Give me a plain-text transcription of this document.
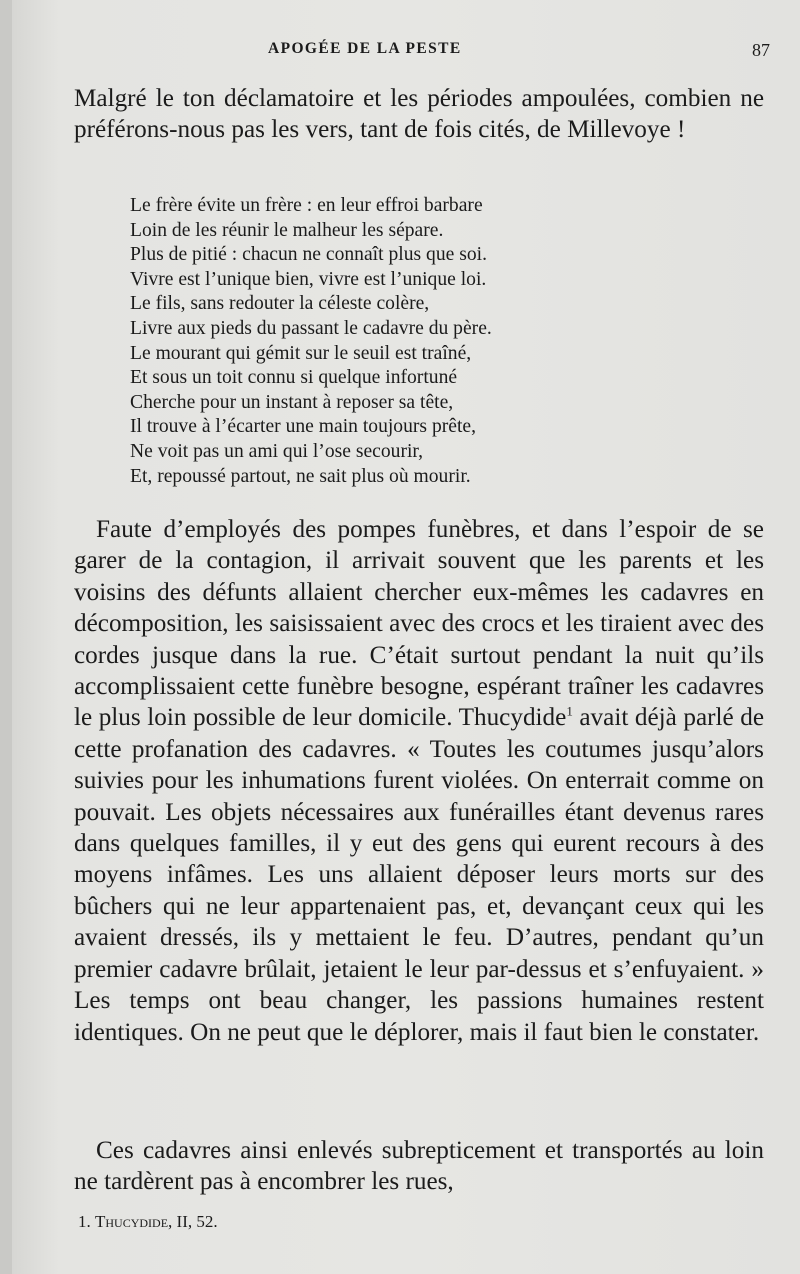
APOGÉE DE LA PESTE	87

Malgré le ton déclamatoire et les périodes ampoulées, combien ne préférons-nous pas les vers, tant de fois cités, de Millevoye !

Le frère évite un frère : en leur effroi barbare
Loin de les réunir le malheur les sépare.
Plus de pitié : chacun ne connaît plus que soi.
Vivre est l’unique bien, vivre est l’unique loi.
Le fils, sans redouter la céleste colère,
Livre aux pieds du passant le cadavre du père.
Le mourant qui gémit sur le seuil est traîné,
Et sous un toit connu si quelque infortuné
Cherche pour un instant à reposer sa tête,
Il trouve à l’écarter une main toujours prête,
Ne voit pas un ami qui l’ose secourir,
Et, repoussé partout, ne sait plus où mourir.

Faute d’employés des pompes funèbres, et dans l’espoir de se garer de la contagion, il arrivait souvent que les parents et les voisins des défunts allaient chercher eux-mêmes les cadavres en décomposition, les saisissaient avec des crocs et les tiraient avec des cordes jusque dans la rue. C’était surtout pendant la nuit qu’ils accomplissaient cette funèbre besogne, espérant traîner les cadavres le plus loin possible de leur domicile. Thucydide$^1$ avait déjà parlé de cette profanation des cadavres. « Toutes les coutumes jusqu’alors suivies pour les inhumations furent violées. On enterrait comme on pouvait. Les objets nécessaires aux funérailles étant devenus rares dans quelques familles, il y eut des gens qui eurent recours à des moyens infâmes. Les uns allaient déposer leurs morts sur des bûchers qui ne leur appartenaient pas, et, devançant ceux qui les avaient dressés, ils y mettaient le feu. D’autres, pendant qu’un premier cadavre brûlait, jetaient le leur par-dessus et s’enfuyaient. » Les temps ont beau changer, les passions humaines restent identiques. On ne peut que le déplorer, mais il faut bien le constater.

Ces cadavres ainsi enlevés subrepticement et transportés au loin ne tardèrent pas à encombrer les rues,

1. Thucydide, II, 52.
